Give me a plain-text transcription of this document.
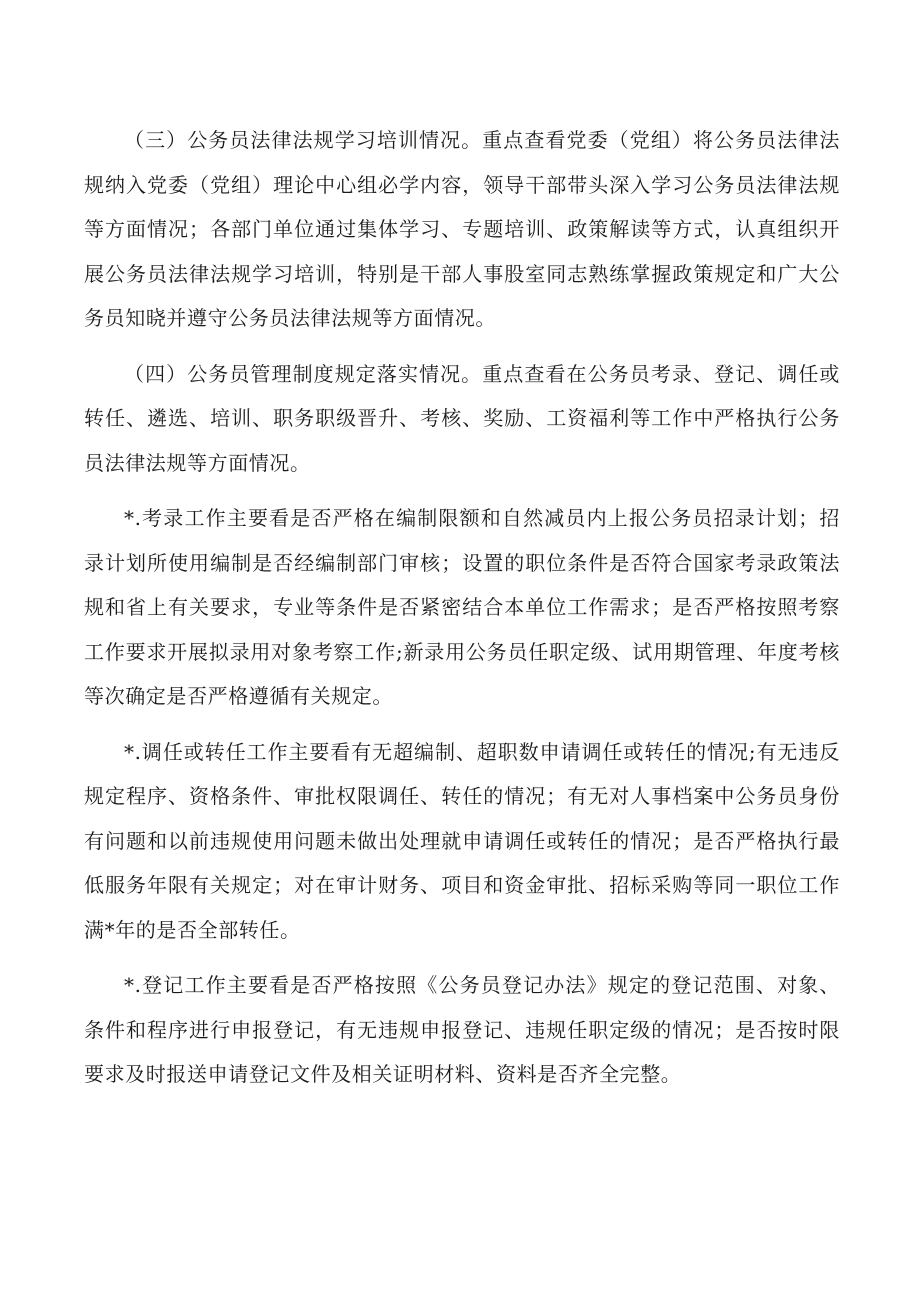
（三）公务员法律法规学习培训情况。重点查看党委（党组）将公务员法律法规纳入党委（党组）理论中心组必学内容，领导干部带头深入学习公务员法律法规等方面情况；各部门单位通过集体学习、专题培训、政策解读等方式，认真组织开展公务员法律法规学习培训，特别是干部人事股室同志熟练掌握政策规定和广大公务员知晓并遵守公务员法律法规等方面情况。

（四）公务员管理制度规定落实情况。重点查看在公务员考录、登记、调任或转任、遴选、培训、职务职级晋升、考核、奖励、工资福利等工作中严格执行公务员法律法规等方面情况。

*.考录工作主要看是否严格在编制限额和自然减员内上报公务员招录计划；招录计划所使用编制是否经编制部门审核；设置的职位条件是否符合国家考录政策法规和省上有关要求，专业等条件是否紧密结合本单位工作需求；是否严格按照考察工作要求开展拟录用对象考察工作;新录用公务员任职定级、试用期管理、年度考核等次确定是否严格遵循有关规定。

*.调任或转任工作主要看有无超编制、超职数申请调任或转任的情况;有无违反规定程序、资格条件、审批权限调任、转任的情况；有无对人事档案中公务员身份有问题和以前违规使用问题未做出处理就申请调任或转任的情况；是否严格执行最低服务年限有关规定；对在审计财务、项目和资金审批、招标采购等同一职位工作满*年的是否全部转任。

*.登记工作主要看是否严格按照《公务员登记办法》规定的登记范围、对象、条件和程序进行申报登记，有无违规申报登记、违规任职定级的情况；是否按时限要求及时报送申请登记文件及相关证明材料、资料是否齐全完整。
